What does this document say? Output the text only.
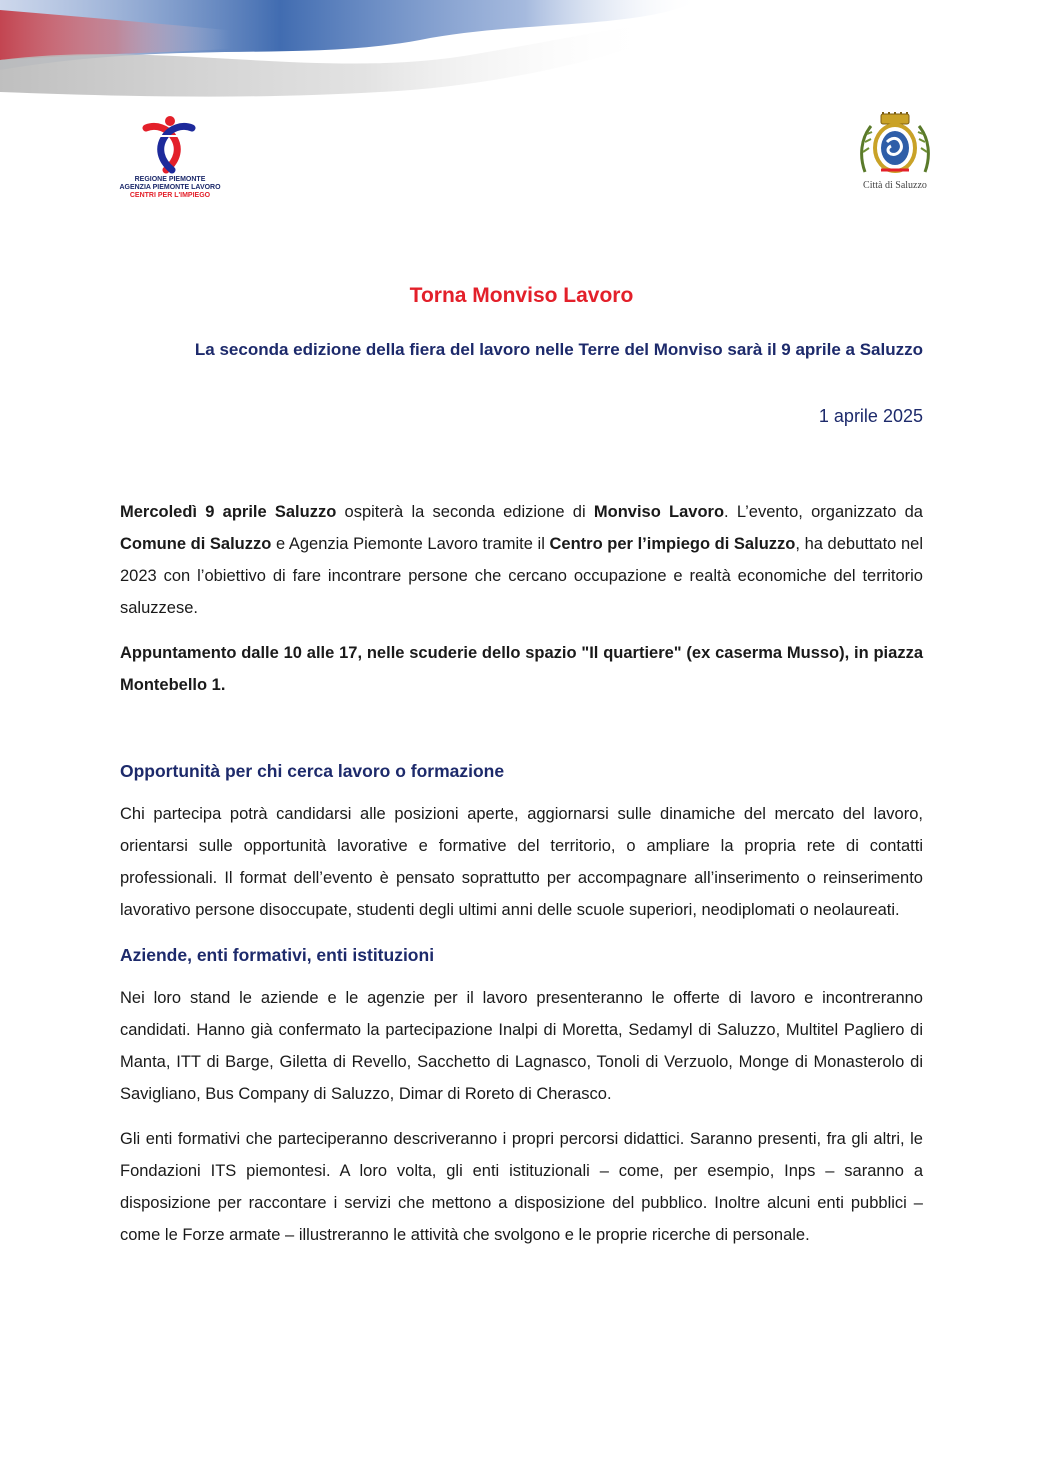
REGIONE PIEMONTE
AGENZIA PIEMONTE LAVORO
CENTRI PER L'IMPIEGO
Città di Saluzzo
Torna Monviso Lavoro
La seconda edizione della fiera del lavoro nelle Terre del Monviso sarà il 9 aprile a Saluzzo
1 aprile 2025

Mercoledì 9 aprile Saluzzo ospiterà la seconda edizione di Monviso Lavoro. L’evento, organizzato da Comune di Saluzzo e Agenzia Piemonte Lavoro tramite il Centro per l’impiego di Saluzzo, ha debuttato nel 2023 con l’obiettivo di fare incontrare persone che cercano occupazione e realtà economiche del territorio saluzzese.

Appuntamento dalle 10 alle 17, nelle scuderie dello spazio "Il quartiere" (ex caserma Musso), in piazza Montebello 1.

Opportunità per chi cerca lavoro o formazione

Chi partecipa potrà candidarsi alle posizioni aperte, aggiornarsi sulle dinamiche del mercato del lavoro, orientarsi sulle opportunità lavorative e formative del territorio, o ampliare la propria rete di contatti professionali. Il format dell’evento è pensato soprattutto per accompagnare all’inserimento o reinserimento lavorativo persone disoccupate, studenti degli ultimi anni delle scuole superiori, neodiplomati o neolaureati.

Aziende, enti formativi, enti istituzioni

Nei loro stand le aziende e le agenzie per il lavoro presenteranno le offerte di lavoro e incontreranno candidati. Hanno già confermato la partecipazione Inalpi di Moretta, Sedamyl di Saluzzo, Multitel Pagliero di Manta, ITT di Barge, Giletta di Revello, Sacchetto di Lagnasco, Tonoli di Verzuolo, Monge di Monasterolo di Savigliano, Bus Company di Saluzzo, Dimar di Roreto di Cherasco.

Gli enti formativi che parteciperanno descriveranno i propri percorsi didattici. Saranno presenti, fra gli altri, le Fondazioni ITS piemontesi. A loro volta, gli enti istituzionali – come, per esempio, Inps – saranno a disposizione per raccontare i servizi che mettono a disposizione del pubblico. Inoltre alcuni enti pubblici – come le Forze armate – illustreranno le attività che svolgono e le proprie ricerche di personale.
